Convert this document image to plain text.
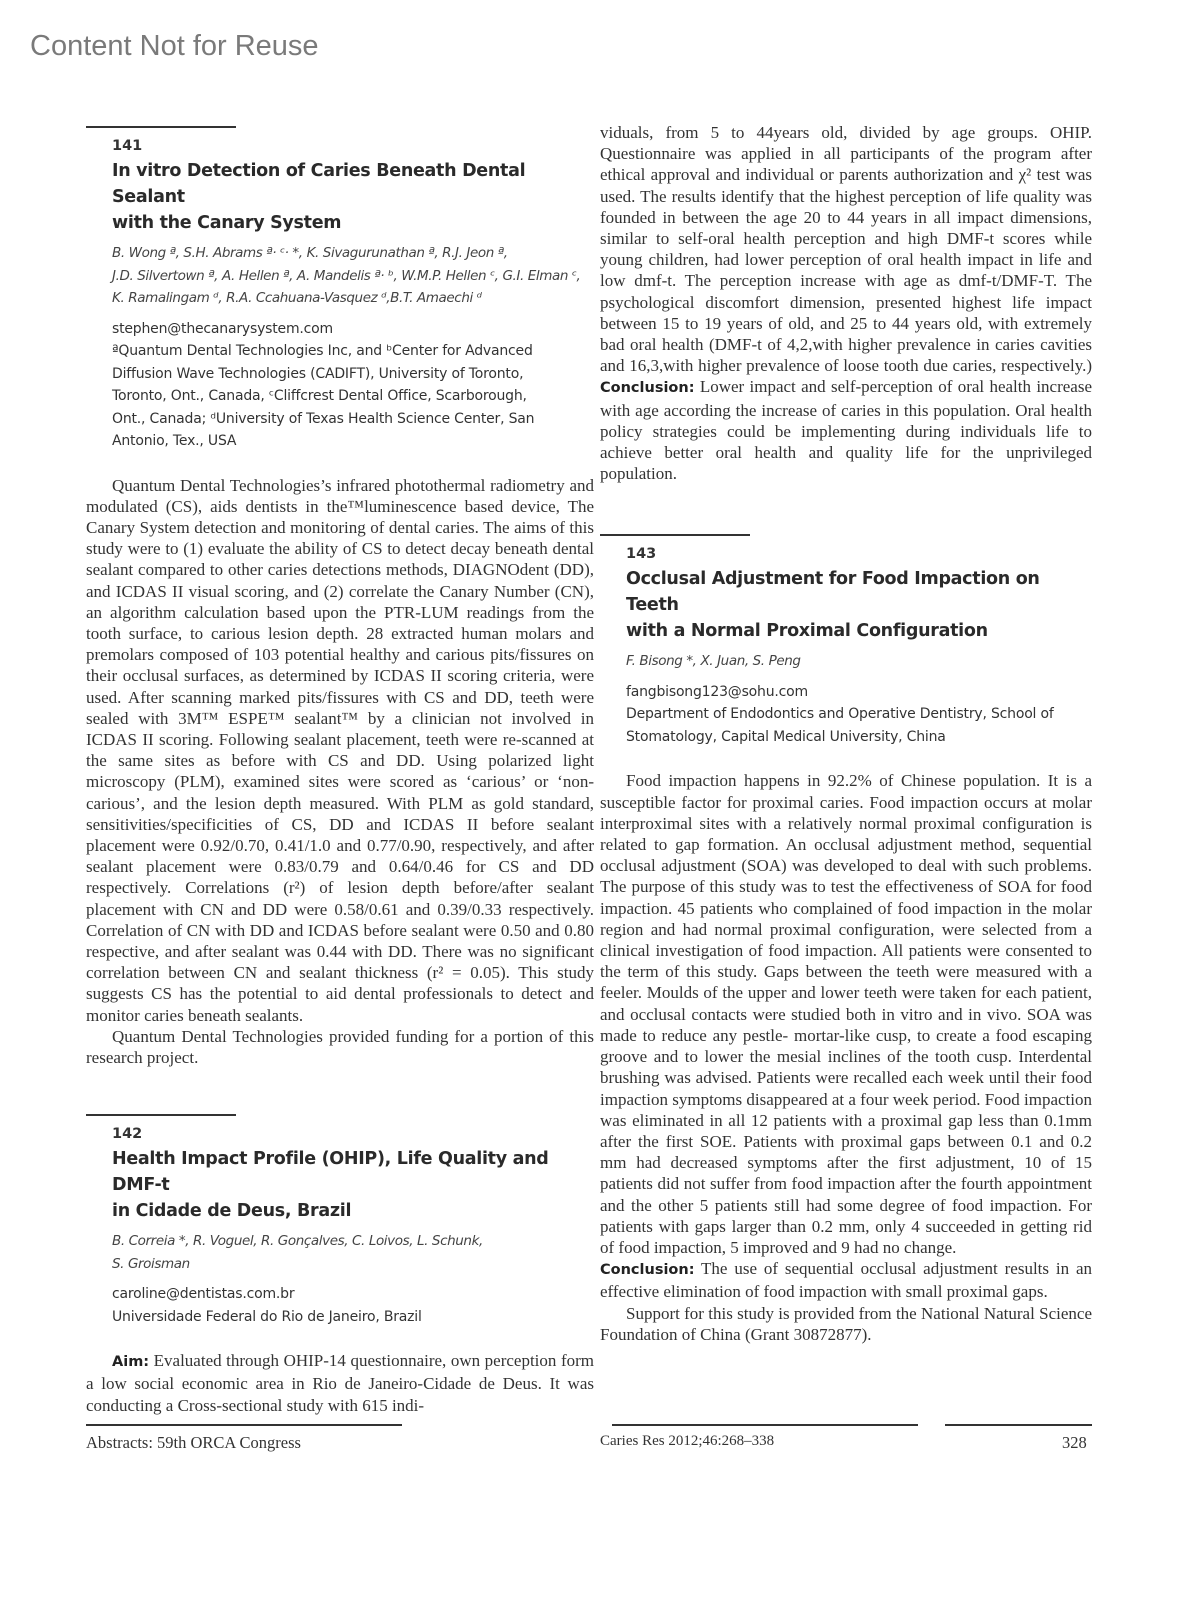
Content Not for Reuse
141
In vitro Detection of Caries Beneath Dental Sealant
with the Canary System
B. Wong ª, S.H. Abrams ª· ᶜ· *, K. Sivagurunathan ª, R.J. Jeon ª,
J.D. Silvertown ª, A. Hellen ª, A. Mandelis ª· ᵇ, W.M.P. Hellen ᶜ, G.I. Elman ᶜ,
K. Ramalingam ᵈ, R.A. Ccahuana-Vasquez ᵈ,B.T. Amaechi ᵈ
stephen@thecanarysystem.com
ªQuantum Dental Technologies Inc, and ᵇCenter for Advanced
Diffusion Wave Technologies (CADIFT), University of Toronto,
Toronto, Ont., Canada, ᶜCliffcrest Dental Office, Scarborough,
Ont., Canada; ᵈUniversity of Texas Health Science Center, San
Antonio, Tex., USA

Quantum Dental Technologies’s infrared photothermal radiometry and modulated (CS), aids dentists in the™luminescence based device, The Canary System detection and monitoring of dental caries. The aims of this study were to (1) evaluate the ability of CS to detect decay beneath dental sealant compared to other caries detections methods, DIAGNOdent (DD), and ICDAS II visual scoring, and (2) correlate the Canary Number (CN), an algorithm calculation based upon the PTR-LUM readings from the tooth surface, to carious lesion depth. 28 extracted human molars and premolars composed of 103 potential healthy and carious pits/fissures on their occlusal surfaces, as determined by ICDAS II scoring criteria, were used. After scanning marked pits/fissures with CS and DD, teeth were sealed with 3M™ ESPE™ sealant™ by a clinician not involved in ICDAS II scoring. Following sealant placement, teeth were re-scanned at the same sites as before with CS and DD. Using polarized light microscopy (PLM), examined sites were scored as ‘carious’ or ‘non-carious’, and the lesion depth measured. With PLM as gold standard, sensitivities/specificities of CS, DD and ICDAS II before sealant placement were 0.92/0.70, 0.41/1.0 and 0.77/0.90, respectively, and after sealant placement were 0.83/0.79 and 0.64/0.46 for CS and DD respectively. Correlations (r²) of lesion depth before/after sealant placement with CN and DD were 0.58/0.61 and 0.39/0.33 respectively. Correlation of CN with DD and ICDAS before sealant were 0.50 and 0.80 respective, and after sealant was 0.44 with DD. There was no significant correlation between CN and sealant thickness (r² = 0.05). This study suggests CS has the potential to aid dental professionals to detect and monitor caries beneath sealants.

Quantum Dental Technologies provided funding for a portion of this research project.

142
Health Impact Profile (OHIP), Life Quality and DMF-t
in Cidade de Deus, Brazil
B. Correia *, R. Voguel, R. Gonçalves, C. Loivos, L. Schunk,
S. Groisman
caroline@dentistas.com.br
Universidade Federal do Rio de Janeiro, Brazil

Aim: Evaluated through OHIP-14 questionnaire, own perception form a low social economic area in Rio de Janeiro-Cidade de Deus. It was conducting a Cross-sectional study with 615 indi-

viduals, from 5 to 44years old, divided by age groups. OHIP. Questionnaire was applied in all participants of the program after ethical approval and individual or parents authorization and χ² test was used. The results identify that the highest perception of life quality was founded in between the age 20 to 44 years in all impact dimensions, similar to self-oral health perception and high DMF-t scores while young children, had lower perception of oral health impact in life and low dmf-t. The perception increase with age as dmf-t/DMF-T. The psychological discomfort dimension, presented highest life impact between 15 to 19 years of old, and 25 to 44 years old, with extremely bad oral health (DMF-t of 4,2,with higher prevalence in caries cavities and 16,3,with higher prevalence of loose tooth due caries, respectively.) Conclusion: Lower impact and self-perception of oral health increase with age according the increase of caries in this population. Oral health policy strategies could be implementing during individuals life to achieve better oral health and quality life for the unprivileged population.

143
Occlusal Adjustment for Food Impaction on Teeth
with a Normal Proximal Configuration
F. Bisong *, X. Juan, S. Peng
fangbisong123@sohu.com
Department of Endodontics and Operative Dentistry, School of
Stomatology, Capital Medical University, China

Food impaction happens in 92.2% of Chinese population. It is a susceptible factor for proximal caries. Food impaction occurs at molar interproximal sites with a relatively normal proximal configuration is related to gap formation. An occlusal adjustment method, sequential occlusal adjustment (SOA) was developed to deal with such problems. The purpose of this study was to test the effectiveness of SOA for food impaction. 45 patients who complained of food impaction in the molar region and had normal proximal configuration, were selected from a clinical investigation of food impaction. All patients were consented to the term of this study. Gaps between the teeth were measured with a feeler. Moulds of the upper and lower teeth were taken for each patient, and occlusal contacts were studied both in vitro and in vivo. SOA was made to reduce any pestle- mortar-like cusp, to create a food escaping groove and to lower the mesial inclines of the tooth cusp. Interdental brushing was advised. Patients were recalled each week until their food impaction symptoms disappeared at a four week period. Food impaction was eliminated in all 12 patients with a proximal gap less than 0.1mm after the first SOE. Patients with proximal gaps between 0.1 and 0.2 mm had decreased symptoms after the first adjustment, 10 of 15 patients did not suffer from food impaction after the fourth appointment and the other 5 patients still had some degree of food impaction. For patients with gaps larger than 0.2 mm, only 4 succeeded in getting rid of food impaction, 5 improved and 9 had no change.

Conclusion: The use of sequential occlusal adjustment results in an effective elimination of food impaction with small proximal gaps.

Support for this study is provided from the National Natural Science Foundation of China (Grant 30872877).

Abstracts: 59th ORCA Congress	Caries Res 2012;46:268–338	328
